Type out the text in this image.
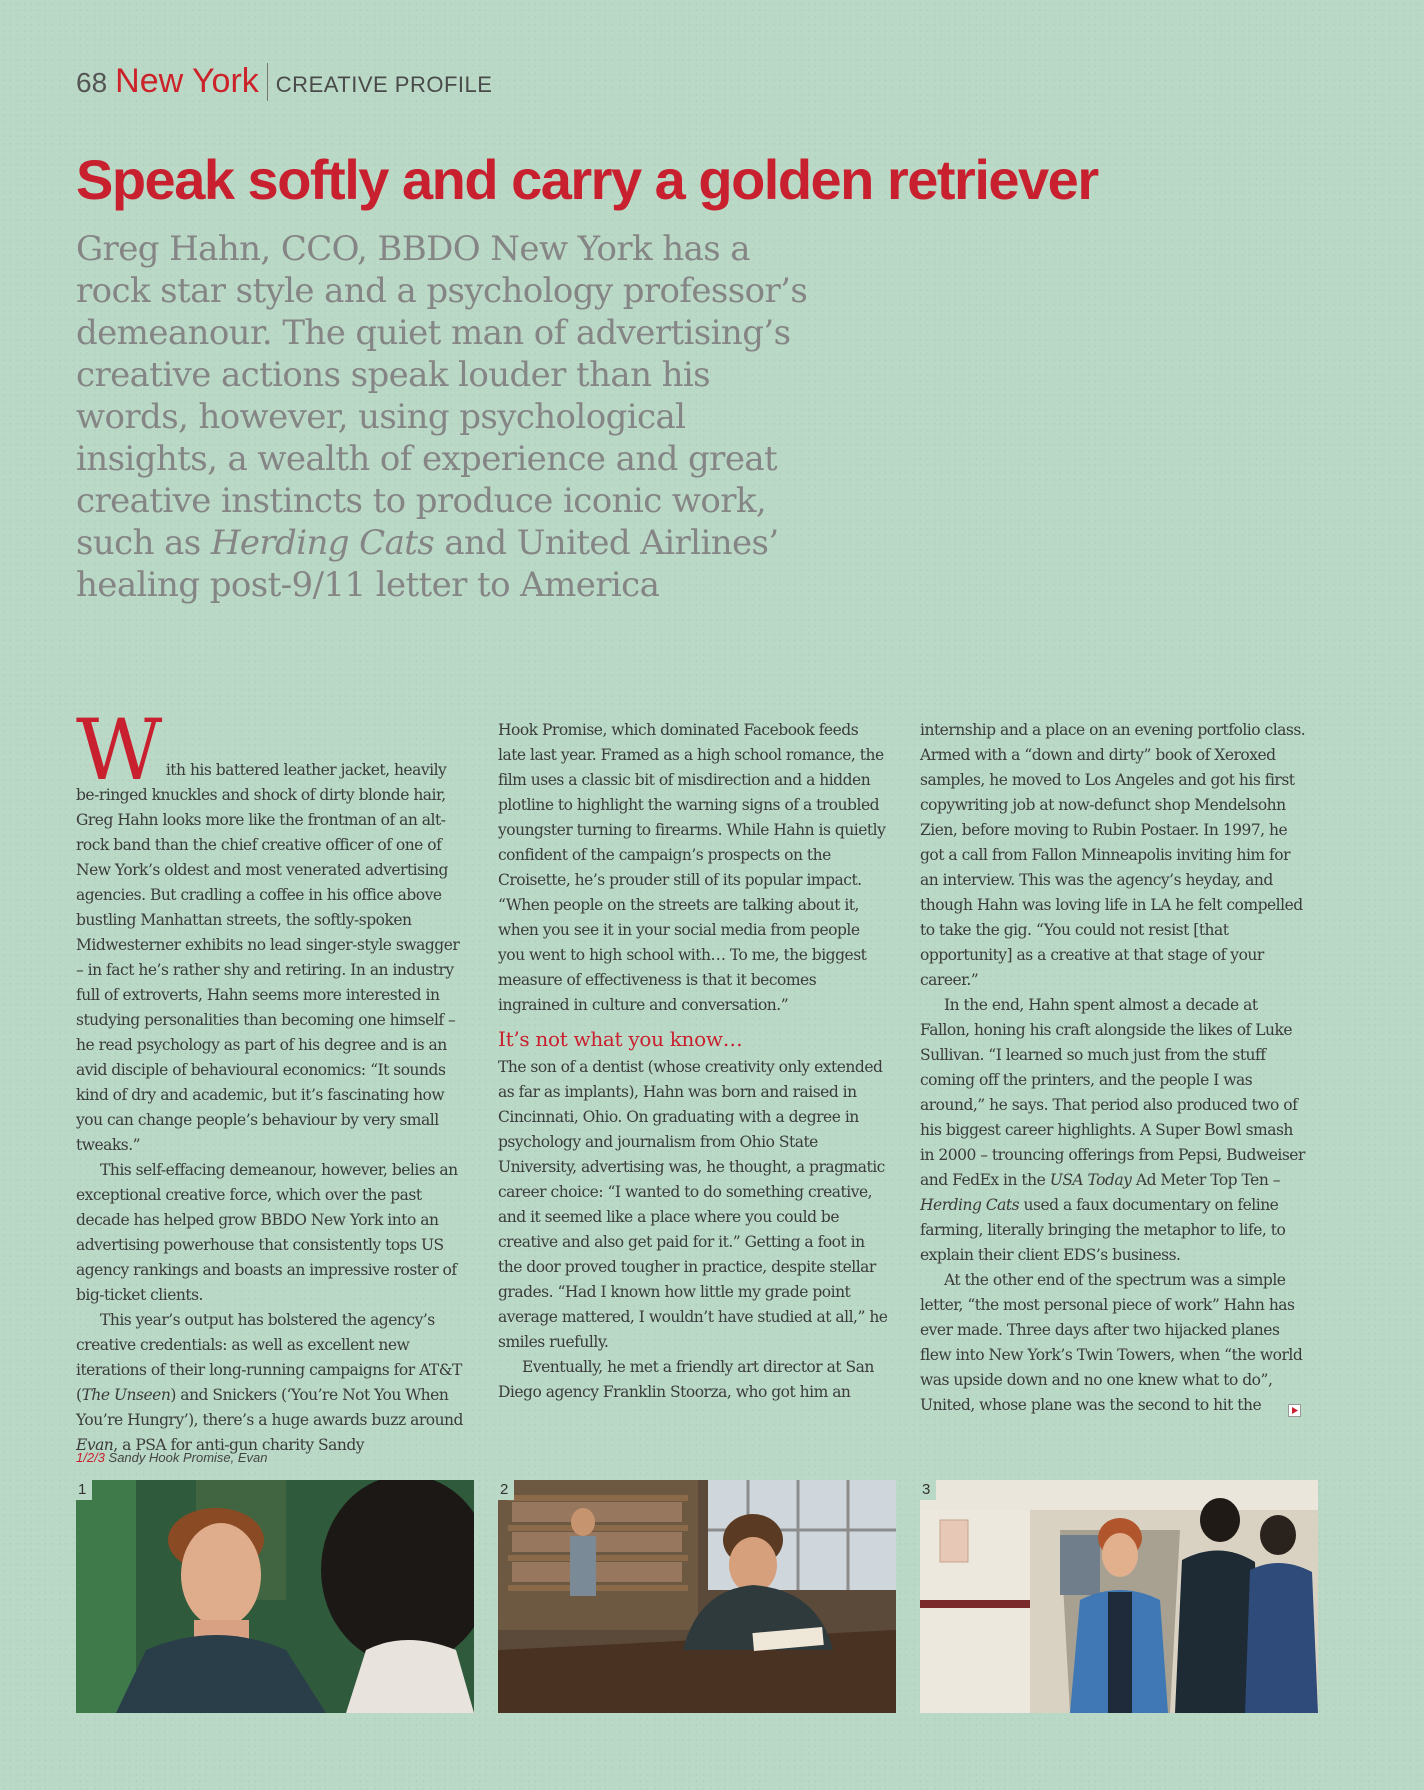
68 New York CREATIVE PROFILE
Speak softly and carry a golden retriever

Greg Hahn, CCO, BBDO New York has a rock star style and a psychology professor’s demeanour. The quiet man of advertising’s creative actions speak louder than his words, however, using psychological insights, a wealth of experience and great creative instincts to produce iconic work, such as Herding Cats and United Airlines’ healing post-9/11 letter to America

With his battered leather jacket, heavily be-ringed knuckles and shock of dirty blonde hair, Greg Hahn looks more like the frontman of an alt-rock band than the chief creative officer of one of New York’s oldest and most venerated advertising agencies. But cradling a coffee in his office above bustling Manhattan streets, the softly-spoken Midwesterner exhibits no lead singer-style swagger – in fact he’s rather shy and retiring. In an industry full of extroverts, Hahn seems more interested in studying personalities than becoming one himself – he read psychology as part of his degree and is an avid disciple of behavioural economics: “It sounds kind of dry and academic, but it’s fascinating how you can change people’s behaviour by very small tweaks.”

This self-effacing demeanour, however, belies an exceptional creative force, which over the past decade has helped grow BBDO New York into an advertising powerhouse that consistently tops US agency rankings and boasts an impressive roster of big-ticket clients.

This year’s output has bolstered the agency’s creative credentials: as well as excellent new iterations of their long-running campaigns for AT&T (The Unseen) and Snickers (‘You’re Not You When You’re Hungry’), there’s a huge awards buzz around Evan, a PSA for anti-gun charity Sandy

Hook Promise, which dominated Facebook feeds late last year. Framed as a high school romance, the film uses a classic bit of misdirection and a hidden plotline to highlight the warning signs of a troubled youngster turning to firearms. While Hahn is quietly confident of the campaign’s prospects on the Croisette, he’s prouder still of its popular impact. “When people on the streets are talking about it, when you see it in your social media from people you went to high school with… To me, the biggest measure of effectiveness is that it becomes ingrained in culture and conversation.”

It’s not what you know…

The son of a dentist (whose creativity only extended as far as implants), Hahn was born and raised in Cincinnati, Ohio. On graduating with a degree in psychology and journalism from Ohio State University, advertising was, he thought, a pragmatic career choice: “I wanted to do something creative, and it seemed like a place where you could be creative and also get paid for it.” Getting a foot in the door proved tougher in practice, despite stellar grades. “Had I known how little my grade point average mattered, I wouldn’t have studied at all,” he smiles ruefully.

Eventually, he met a friendly art director at San Diego agency Franklin Stoorza, who got him an

internship and a place on an evening portfolio class. Armed with a “down and dirty” book of Xeroxed samples, he moved to Los Angeles and got his first copywriting job at now-defunct shop Mendelsohn Zien, before moving to Rubin Postaer. In 1997, he got a call from Fallon Minneapolis inviting him for an interview. This was the agency’s heyday, and though Hahn was loving life in LA he felt compelled to take the gig. “You could not resist [that opportunity] as a creative at that stage of your career.”

In the end, Hahn spent almost a decade at Fallon, honing his craft alongside the likes of Luke Sullivan. “I learned so much just from the stuff coming off the printers, and the people I was around,” he says. That period also produced two of his biggest career highlights. A Super Bowl smash in 2000 – trouncing offerings from Pepsi, Budweiser and FedEx in the USA Today Ad Meter Top Ten – Herding Cats used a faux documentary on feline farming, literally bringing the metaphor to life, to explain their client EDS’s business.

At the other end of the spectrum was a simple letter, “the most personal piece of work” Hahn has ever made. Three days after two hijacked planes flew into New York’s Twin Towers, when “the world was upside down and no one knew what to do”, United, whose plane was the second to hit the

1/2/3 Sandy Hook Promise, Evan
1	2	3
